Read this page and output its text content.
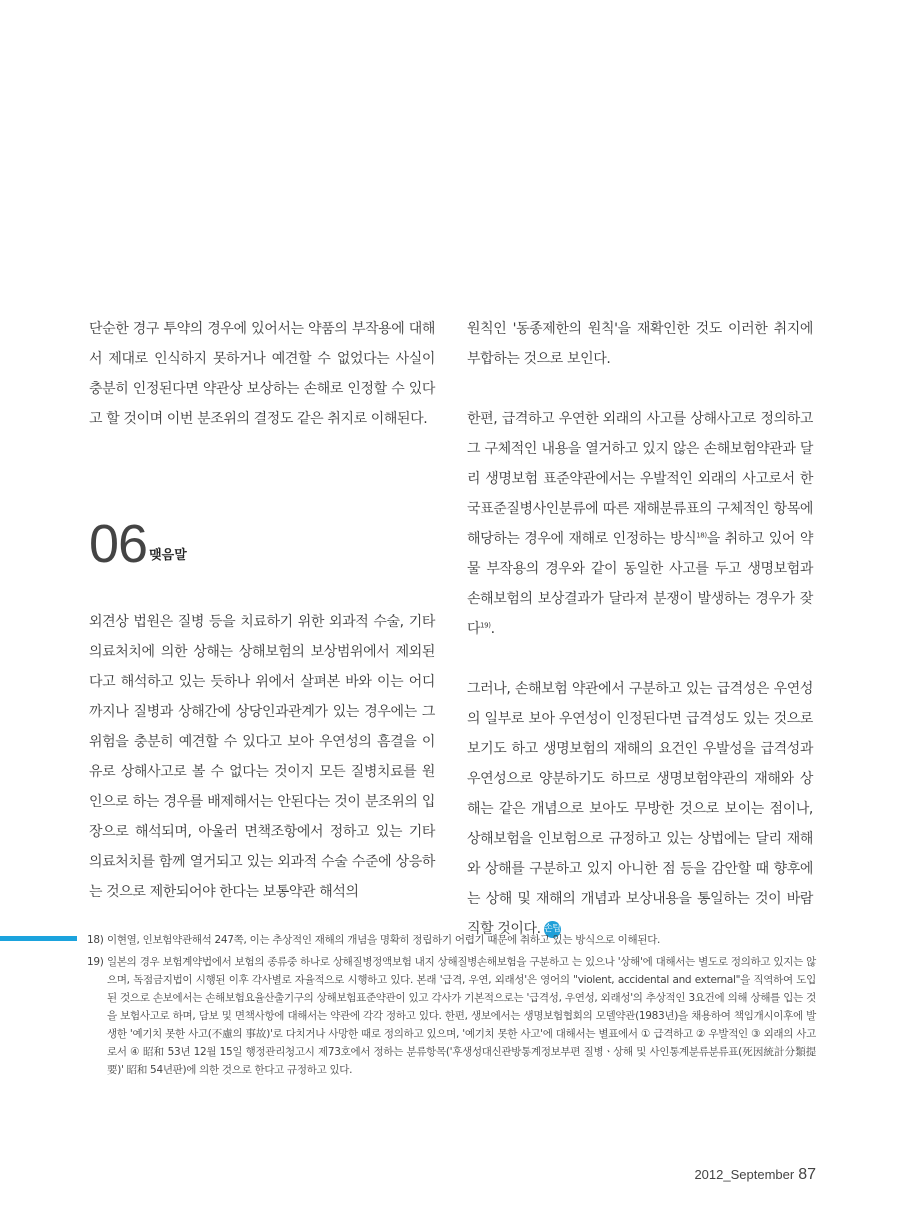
단순한 경구 투약의 경우에 있어서는 약품의 부작용에 대해서 제대로 인식하지 못하거나 예견할 수 없었다는 사실이 충분히 인정된다면 약관상 보상하는 손해로 인정할 수 있다고 할 것이며 이번 분조위의 결정도 같은 취지로 이해된다.

06 맺음말

외견상 법원은 질병 등을 치료하기 위한 외과적 수술, 기타 의료처치에 의한 상해는 상해보험의 보상범위에서 제외된다고 해석하고 있는 듯하나 위에서 살펴본 바와 이는 어디까지나 질병과 상해간에 상당인과관계가 있는 경우에는 그 위험을 충분히 예견할 수 있다고 보아 우연성의 흠결을 이유로 상해사고로 볼 수 없다는 것이지 모든 질병치료를 원인으로 하는 경우를 배제해서는 안된다는 것이 분조위의 입장으로 해석되며, 아울러 면책조항에서 정하고 있는 기타 의료처치를 함께 열거되고 있는 외과적 수술 수준에 상응하는 것으로 제한되어야 한다는 보통약관 해석의

원칙인 '동종제한의 원칙'을 재확인한 것도 이러한 취지에 부합하는 것으로 보인다.

한편, 급격하고 우연한 외래의 사고를 상해사고로 정의하고 그 구체적인 내용을 열거하고 있지 않은 손해보험약관과 달리 생명보험 표준약관에서는 우발적인 외래의 사고로서 한국표준질병사인분류에 따른 재해분류표의 구체적인 항목에 해당하는 경우에 재해로 인정하는 방식$^{18)}$을 취하고 있어 약물 부작용의 경우와 같이 동일한 사고를 두고 생명보험과 손해보험의 보상결과가 달라져 분쟁이 발생하는 경우가 잦다$^{19)}$.

그러나, 손해보험 약관에서 구분하고 있는 급격성은 우연성의 일부로 보아 우연성이 인정된다면 급격성도 있는 것으로 보기도 하고 생명보험의 재해의 요건인 우발성을 급격성과 우연성으로 양분하기도 하므로 생명보험약관의 재해와 상해는 같은 개념으로 보아도 무방한 것으로 보이는 점이나, 상해보험을 인보험으로 규정하고 있는 상법에는 달리 재해와 상해를 구분하고 있지 아니한 점 등을 감안할 때 향후에는 상해 및 재해의 개념과 보상내용을 통일하는 것이 바람직할 것이다. 손팁

18) 이현열, 인보험약관해석 247쪽, 이는 추상적인 재해의 개념을 명확히 정립하기 어렵기 때문에 취하고 있는 방식으로 이해된다.
19) 일본의 경우 보험계약법에서 보험의 종류중 하나로 상해질병정액보험 내지 상해질병손해보험을 구분하고 는 있으나 '상해'에 대해서는 별도로 정의하고 있지는 않으며, 독점금지법이 시행된 이후 각사별로 자율적으로 시행하고 있다. 본래 '급격, 우연, 외래성'은 영어의 "violent, accidental and external"을 직역하여 도입된 것으로 손보에서는 손해보험요율산출기구의 상해보험표준약관이 있고 각사가 기본적으로는 '급격성, 우연성, 외래성'의 추상적인 3요건에 의해 상해를 입는 것을 보험사고로 하며, 담보 및 면책사항에 대해서는 약관에 각각 정하고 있다. 한편, 생보에서는 생명보험협회의 모델약관(1983년)을 채용하여 책임개시이후에 발생한 '예기치 못한 사고(不慮의 事故)'로 다치거나 사망한 때로 정의하고 있으며, '예기치 못한 사고'에 대해서는 별표에서 ① 급격하고 ② 우발적인 ③ 외래의 사고로서 ④ 昭和 53년 12월 15일 행정관리청고시 제73호에서 정하는 분류항목('후생성대신관방통계정보부편 질병ㆍ상해 및 사인통계분류분류표(死因統計分類提要)' 昭和 54년판)에 의한 것으로 한다고 규정하고 있다.
2012_September 87
